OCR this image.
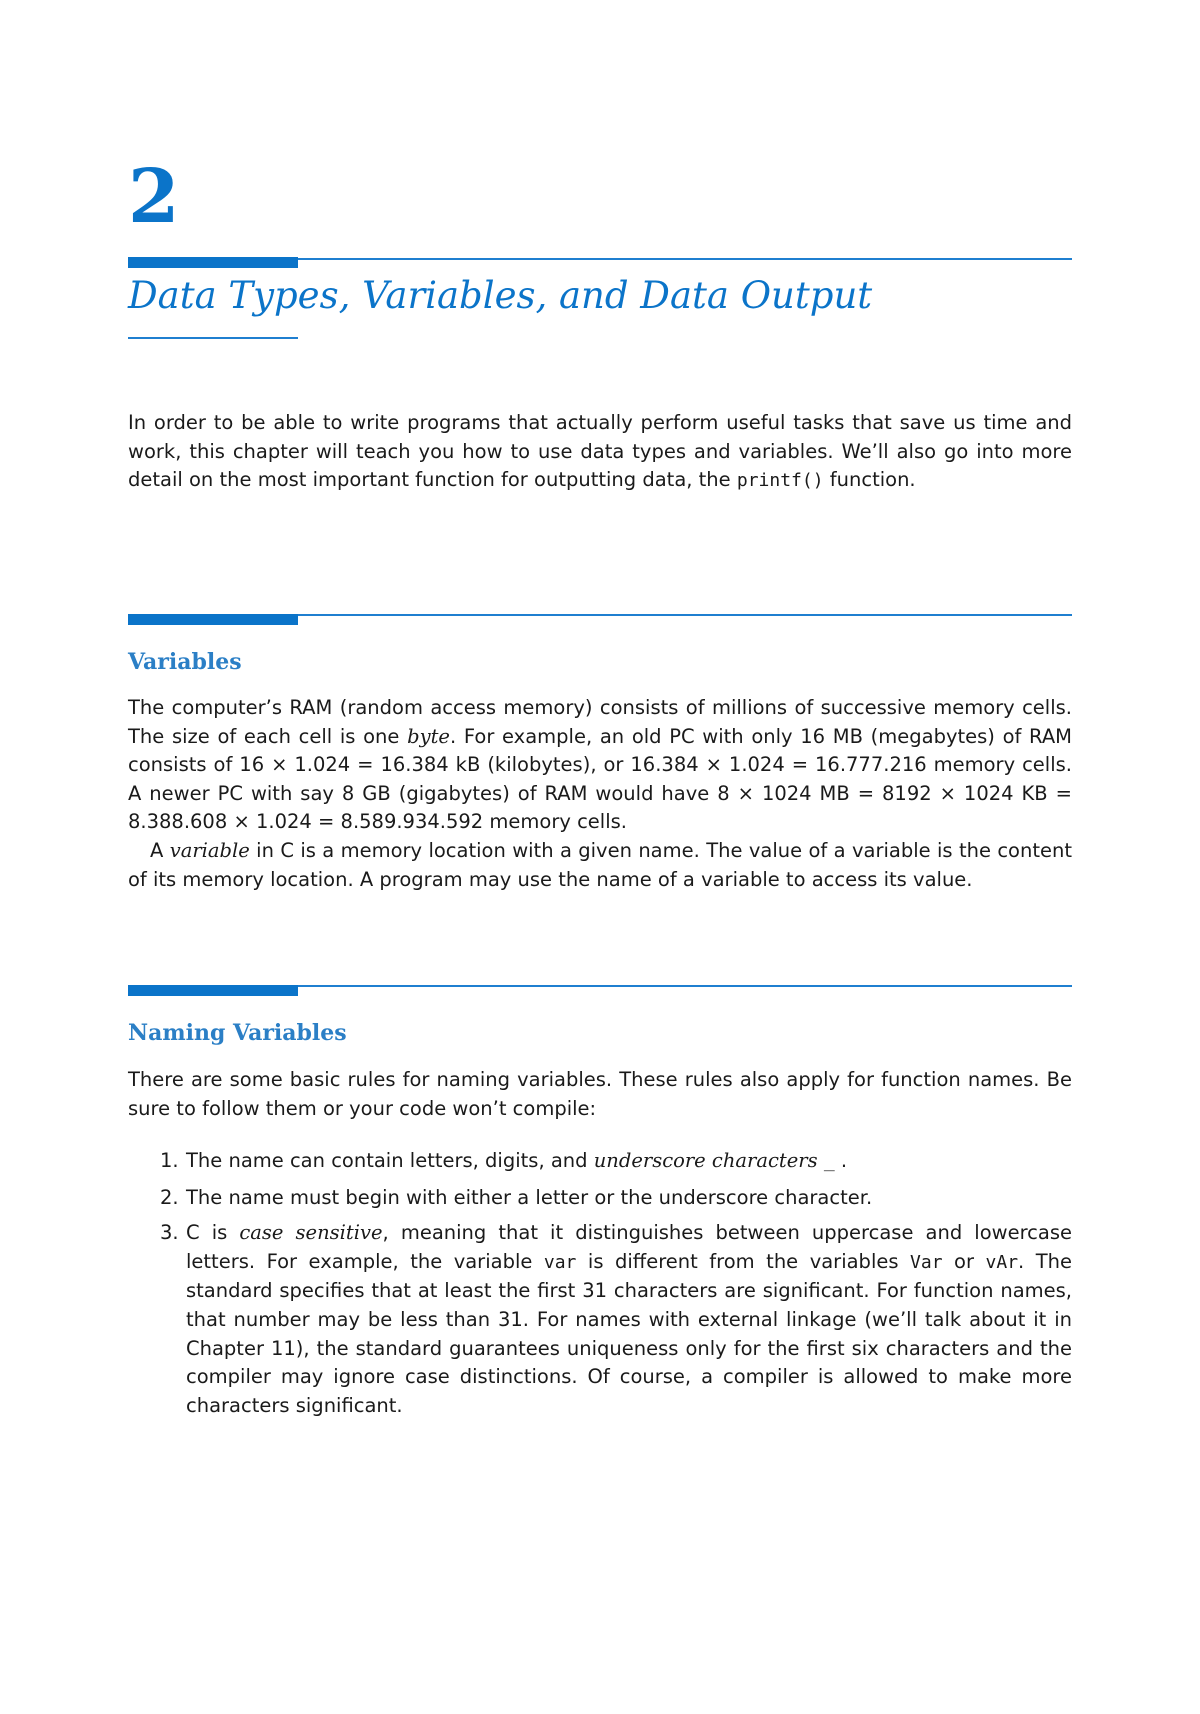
2
Data Types, Variables, and Data Output

In order to be able to write programs that actually perform useful tasks that save us time and work, this chapter will teach you how to use data types and variables. We’ll also go into more detail on the most important function for outputting data, the printf() function.

Variables

The computer’s RAM (random access memory) consists of millions of successive memory cells. The size of each cell is one byte. For example, an old PC with only 16 MB (megabytes) of RAM consists of 16 × 1.024 = 16.384 kB (kilobytes), or 16.384 × 1.024 = 16.777.216 memory cells. A newer PC with say 8 GB (gigabytes) of RAM would have 8 × 1024 MB = 8192 × 1024 KB = 8.388.608 × 1.024 = 8.589.934.592 memory cells.

A variable in C is a memory location with a given name. The value of a variable is the content of its memory location. A program may use the name of a variable to access its value.

Naming Variables

There are some basic rules for naming variables. These rules also apply for function names. Be sure to follow them or your code won’t compile:

1. The name can contain letters, digits, and underscore characters _ .
2. The name must begin with either a letter or the underscore character.
3. C is case sensitive, meaning that it distinguishes between uppercase and lowercase letters. For example, the variable var is different from the variables Var or vAr. The standard specifies that at least the first 31 characters are significant. For function names, that number may be less than 31. For names with external linkage (we’ll talk about it in Chapter 11), the standard guarantees uniqueness only for the first six characters and the compiler may ignore case distinctions. Of course, a compiler is allowed to make more characters significant.
